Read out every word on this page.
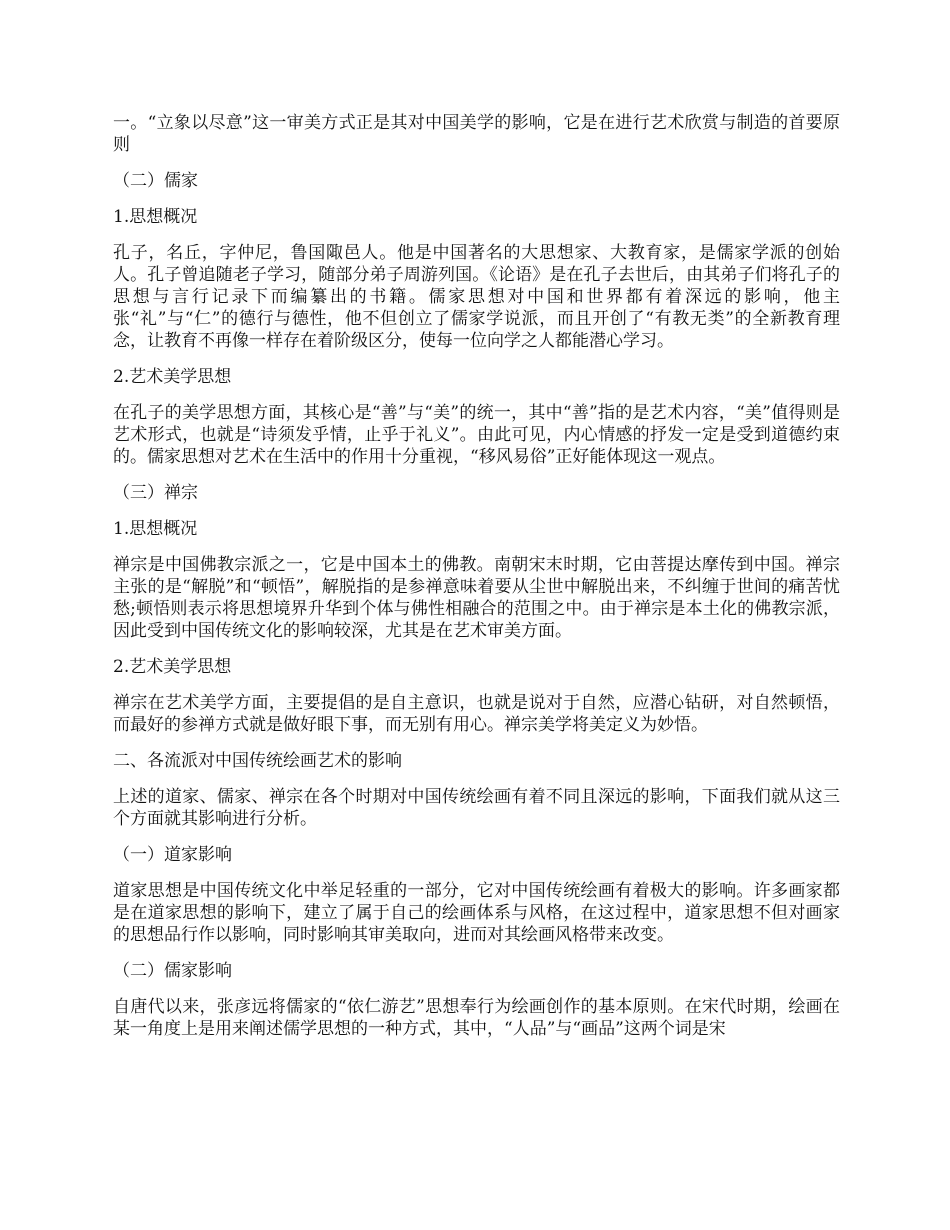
一。“立象以尽意”这一审美方式正是其对中国美学的影响，它是在进行艺术欣赏与制造的首要原则

（二）儒家

1.思想概况

孔子，名丘，字仲尼，鲁国陬邑人。他是中国著名的大思想家、大教育家，是儒家学派的创始人。孔子曾追随老子学习，随部分弟子周游列国。《论语》是在孔子去世后，由其弟子们将孔子的思想与言行记录下而编纂出的书籍。儒家思想对中国和世界都有着深远的影响，他主张“礼”与“仁”的德行与德性，他不但创立了儒家学说派，而且开创了“有教无类”的全新教育理念，让教育不再像一样存在着阶级区分，使每一位向学之人都能潜心学习。

2.艺术美学思想

在孔子的美学思想方面，其核心是“善”与“美”的统一，其中“善”指的是艺术内容，“美”值得则是艺术形式，也就是“诗须发乎情，止乎于礼义”。由此可见，内心情感的抒发一定是受到道德约束的。儒家思想对艺术在生活中的作用十分重视，“移风易俗”正好能体现这一观点。

（三）禅宗

1.思想概况

禅宗是中国佛教宗派之一，它是中国本土的佛教。南朝宋末时期，它由菩提达摩传到中国。禅宗主张的是“解脱”和“顿悟”，解脱指的是参禅意味着要从尘世中解脱出来，不纠缠于世间的痛苦忧愁;顿悟则表示将思想境界升华到个体与佛性相融合的范围之中。由于禅宗是本土化的佛教宗派，因此受到中国传统文化的影响较深，尤其是在艺术审美方面。

2.艺术美学思想

禅宗在艺术美学方面，主要提倡的是自主意识，也就是说对于自然，应潜心钻研，对自然顿悟，而最好的参禅方式就是做好眼下事，而无别有用心。禅宗美学将美定义为妙悟。

二、各流派对中国传统绘画艺术的影响

上述的道家、儒家、禅宗在各个时期对中国传统绘画有着不同且深远的影响，下面我们就从这三个方面就其影响进行分析。

（一）道家影响

道家思想是中国传统文化中举足轻重的一部分，它对中国传统绘画有着极大的影响。许多画家都是在道家思想的影响下，建立了属于自己的绘画体系与风格，在这过程中，道家思想不但对画家的思想品行作以影响，同时影响其审美取向，进而对其绘画风格带来改变。

（二）儒家影响

自唐代以来，张彦远将儒家的“依仁游艺”思想奉行为绘画创作的基本原则。在宋代时期，绘画在某一角度上是用来阐述儒学思想的一种方式，其中，“人品”与“画品”这两个词是宋
